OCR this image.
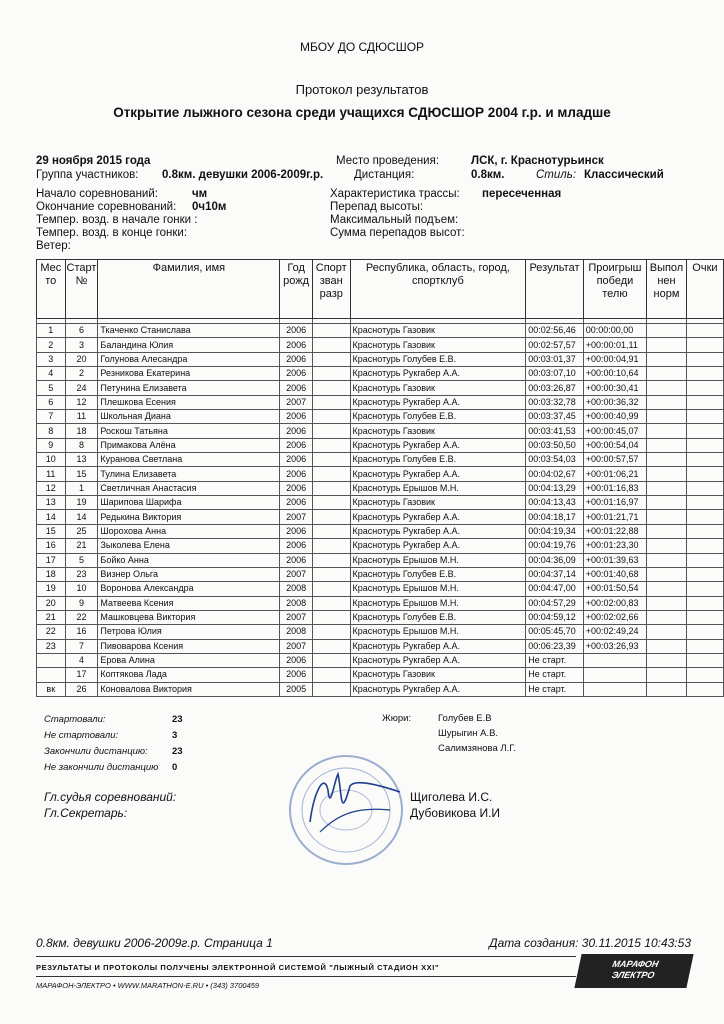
МБОУ ДО СДЮСШОР
Протокол результатов
Открытие лыжного сезона среди учащихся СДЮСШОР 2004 г.р. и младше
29 ноября 2015 года	Место проведения:	ЛСК, г. Краснотурьинск
Группа участников: 0.8км. девушки 2006-2009г.р.	Дистанция:	0.8км.	Стиль: Классический
Начало соревнований:	чм
Окончание соревнований: 0ч10м
Темпер. возд. в начале гонки :
Темпер. возд. в конце гонки:
Ветер:
Характеристика трассы: пересеченная
Перепад высоты:
Максимальный подъем:
Сумма перепадов высот:
Мес то	Старт №	Фамилия, имя	Год рожд	Спорт зван разр	Республика, область, город, спортклуб	Результат	Проигрыш победи телю	Выпол нен норм	Очки

1	6	Ткаченко Станислава	2006		Краснотурь Газовик	00:02:56,46	00:00:00,00		
2	3	Баландина Юлия	2006		Краснотурь Газовик	00:02:57,57	+00:00:01,11		
3	20	Голунова Алесандра	2006		Краснотурь Голубев Е.В.	00:03:01,37	+00:00:04,91		
4	2	Резникова Екатерина	2006		Краснотурь Рукгабер А.А.	00:03:07,10	+00:00:10,64		
5	24	Петунина Елизавета	2006		Краснотурь Газовик	00:03:26,87	+00:00:30,41		
6	12	Плешкова Есения	2007		Краснотурь Рукгабер А.А.	00:03:32,78	+00:00:36,32		
7	11	Школьная Диана	2006		Краснотурь Голубев Е.В.	00:03:37,45	+00:00:40,99		
8	18	Роскош Татьяна	2006		Краснотурь Газовик	00:03:41,53	+00:00:45,07		
9	8	Примакова Алёна	2006		Краснотурь Рукгабер А.А.	00:03:50,50	+00:00:54,04		
10	13	Куранова Светлана	2006		Краснотурь Голубев Е.В.	00:03:54,03	+00:00:57,57		
11	15	Тулина Елизавета	2006		Краснотурь Рукгабер А.А.	00:04:02,67	+00:01:06,21		
12	1	Светличная Анастасия	2006		Краснотурь Ерышов М.Н.	00:04:13,29	+00:01:16,83		
13	19	Шарипова Шарифа	2006		Краснотурь Газовик	00:04:13,43	+00:01:16,97		
14	14	Редькина Виктория	2007		Краснотурь Рукгабер А.А.	00:04:18,17	+00:01:21,71		
15	25	Шорохова Анна	2006		Краснотурь Рукгабер А.А.	00:04:19,34	+00:01:22,88		
16	21	Зыколева Елена	2006		Краснотурь Рукгабер А.А.	00:04:19,76	+00:01:23,30		
17	5	Бойко Анна	2006		Краснотурь Ерышов М.Н.	00:04:36,09	+00:01:39,63		
18	23	Визнер Ольга	2007		Краснотурь Голубев Е.В.	00:04:37,14	+00:01:40,68		
19	10	Воронова Александра	2008		Краснотурь Ерышов М.Н.	00:04:47,00	+00:01:50,54		
20	9	Матвеева Ксения	2008		Краснотурь Ерышов М.Н.	00:04:57,29	+00:02:00,83		
21	22	Машковцева Виктория	2007		Краснотурь Голубев Е.В.	00:04:59,12	+00:02:02,66		
22	16	Петрова Юлия	2008		Краснотурь Ерышов М.Н.	00:05:45,70	+00:02:49,24		
23	7	Пивоварова Ксения	2007		Краснотурь Рукгабер А.А.	00:06:23,39	+00:03:26,93		
	4	Ерова Алина	2006		Краснотурь Рукгабер А.А.	Не старт.			
	17	Коптякова Лада	2006		Краснотурь Газовик	Не старт.			
вк	26	Коновалова Виктория	2005		Краснотурь Рукгабер А.А.	Не старт.			
Стартовали:	23
Не стартовали:	3
Закончили дистанцию:	23
Не закончили дистанцию 0
Жюри:	Голубев Е.В
Шурыгин А.В.
Салимзянова Л.Г.
Гл.судья соревнований:	Щиголева И.С.
Гл.Секретарь:	Дубовикова И.И
0.8км. девушки 2006-2009г.р. Страница 1	Дата создания: 30.11.2015 10:43:53
РЕЗУЛЬТАТЫ И ПРОТОКОЛЫ ПОЛУЧЕНЫ ЭЛЕКТРОННОЙ СИСТЕМОЙ "ЛЫЖНЫЙ СТАДИОН XXI"
МАРАФОН-ЭЛЕКТРО • WWW.MARATHON-E.RU • (343) 3700459
МАРАФОН
ЭЛЕКТРО
